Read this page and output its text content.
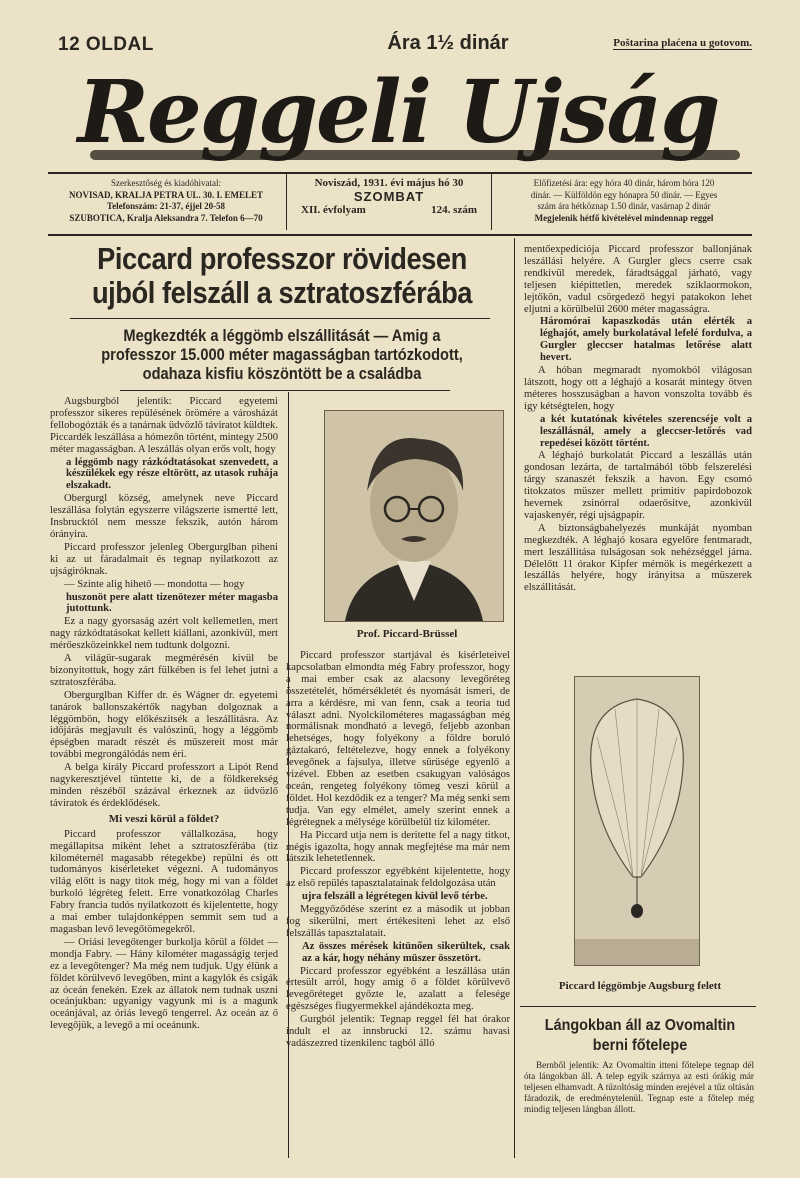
12 OLDAL	Ára 1½ dinár	Poštarina plaćena u gotovom.
Reggeli Ujság
Szerkesztőség és kiadóhivatal:
NOVISAD, KRALJA PETRA UL. 30. I. EMELET
Telefonszám: 21-37, éjjel 20-58
SZUBOTICA, Kralja Aleksandra 7. Telefon 6—70
Noviszád, 1931. évi május hó 30
SZOMBAT
XII. évfolyam	124. szám
Előfizetési ára: egy hóra 40 dinár, három hóra 120
dinár. — Külföldön egy hónapra 50 dinár. — Egyes
szám ára hétköznap 1.50 dinár, vasárnap 2 dinár
Megjelenik hétfő kivételével mindennap reggel
Piccard professzor rövidesen ujból felszáll a sztratoszférába
Megkezdték a léggömb elszállitását — Amig a professzor 15.000 méter magasságban tartózkodott, odahaza kisfiu köszöntött be a családba

Augsburgból jelentik: Piccard egyetemi professzor sikeres repülésének örömére a városházát fellobogózták és a tanárnak üdvözlő táviratot küldtek. Piccardék leszállása a hómezőn történt, mintegy 2500 méter magasságban. A leszállás olyan erős volt, hogy

a léggömb nagy rázkódtatásokat szenvedett, a készülékek egy része eltörött, az utasok ruhája elszakadt.

Obergurgl község, amelynek neve Piccard leszállása folytán egyszerre világszerte ismertté lett, Insbrucktól nem messze fekszik, autón három órányira.

Piccard professzor jelenleg Obergurglban piheni ki az ut fáradalmait és tegnap nyilatkozott az ujságiróknak.

— Szinte alig hihető — mondotta — hogy

huszonöt pere alatt tizenötezer méter magasba jutottunk.

Ez a nagy gyorsaság azért volt kellemetlen, mert nagy rázkódtatásokat kellett kiállani, azonkivül, mert mérőeszközeinkkel nem tudtunk dolgozni.

A világür-sugarak megmérésén kivül be bizonyitottuk, hogy zárt fülkében is fel lehet jutni a sztratoszférába.

Obergurglban Kiffer dr. és Wágner dr. egyetemi tanárok ballonszakértők nagyban dolgoznak a léggömbön, hogy előkészitsék a leszállitásra. Az időjárás megjavult és valószinü, hogy a léggömb épségben maradt részét és műszereit most már további megrongálódás nem éri.

A belga király Piccard professzort a Lipót Rend nagykeresztjével tüntette ki, de a földkerekség minden részéből százával érkeznek az üdvözlő táviratok és érdeklődések.

Mi veszi körül a földet?

Piccard professzor vállalkozása, hogy megállapitsa miként lehet a sztratoszférába (tiz kilométernél magasabb rétegekbe) repülni és ott tudományos kisérleteket végezni. A tudományos világ előtt is nagy titok még, hogy mi van a földet burkoló légréteg felett. Erre vonatkozólag Charles Fabry francia tudós nyilatkozott és kijelentette, hogy a mai ember tulajdonképpen semmit sem tud a magasban levő levegőtömegekről.

— Oriási levegőtenger burkolja körül a földet — mondja Fabry. — Hány kilométer magasságig terjed ez a levegőtenger? Ma még nem tudjuk. Ugy élünk a földet körülvevő levegőben, mint a kagylók és csigák az óceán fenekén. Ezek az állatok nem tudnak uszni oceánjukban: ugyanigy vagyunk mi is a magunk oceánjával, az óriás levegő tengerrel. Az oceán az ő levegőjük, a levegő a mi oceánunk.

Prof. Piccard-Brüssel

Piccard professzor startjával és kisérleteivel kapcsolatban elmondta még Fabry professzor, hogy a mai ember csak az alacsony levegőréteg összetételét, hőmérsékletét és nyomását ismeri, de arra a kérdésre, mi van fenn, csak a teoria tud választ adni. Nyolckilométeres magasságban még normálisnak mondható a levegő, feljebb azonban lehetséges, hogy folyékony a földre boruló gáztakaró, feltételezve, hogy ennek a folyékony levegőnek a fajsulya, illetve sürüsége egyenlő a vizével. Ebben az esetben csakugyan valóságos oceán, rengeteg folyékony tömeg veszi körül a földet. Hol kezdődik ez a tenger? Ma még senki sem tudja. Van egy elmélet, amely szerint ennek a légrétegnek a mélysége körülbelül tiz kilométer.

Ha Piccard utja nem is deritette fel a nagy titkot, mégis igazolta, hogy annak megfejtése ma már nem látszik lehetetlennek.

Piccard professzor egyébként kijelentette, hogy az első repülés tapasztalatainak feldolgozása után

ujra felszáll a légrétegen kivül levő térbe.

Meggyőződése szerint ez a második ut jobban fog sikerülni, mert értékesiteni lehet az első felszállás tapasztalatait.

Az összes mérések kitünően sikerültek, csak az a kár, hogy néhány müszer összetört.

Piccard professzor egyébként a leszállása után értesült arról, hogy amig ő a földet körülvevő levegőréteget győzte le, azalatt a felesége egészséges fiugyermekkel ajándékozta meg.

Gurgból jelentik: Tegnap reggel fél hat órakor indult el az innsbrucki 12. számu havasi vadászezred tizenkilenc tagból álló

mentőexpediciója Piccard professzor ballonjának leszállási helyére. A Gurgler glecs cserre csak rendkivül meredek, fáradtsággal járható, vagy teljesen kiépittetlen, meredek sziklaormokon, lejtőkön, vadul csörgedező hegyi patakokon lehet eljutni a körülbelül 2600 méter magasságra.

Háromórai kapaszkodás után elérték a léghajót, amely burkolatával lefelé fordulva, a Gurgler gleccser hatalmas letőrése alatt hevert.

A hóban megmaradt nyomokból világosan látszott, hogy ott a léghajó a kosarát mintegy ötven méteres hosszuságban a havon vonszolta tovább és így kétségtelen, hogy

a két kutatónak kivételes szerencséje volt a leszállásnál, amely a gleccser-letőrés vad repedései között történt.

A léghajó burkolatát Piccard a leszállás után gondosan lezárta, de tartalmából több felszerelési tárgy szanaszét fekszik a havon. Egy csomó titokzatos müszer mellett primitiv papirdobozok hevernek zsinórral odaerősitve, azonkivül vajaskenyér, régi ujságpapir.

A biztonságbahelyezés munkáját nyomban megkezdték. A léghajó kosara egyelőre fentmaradt, mert leszállitása tulságosan sok nehézséggel járna. Délelőtt 11 órakor Kipfer mérnök is megérkezett a leszállás helyére, hogy irányitsa a müszerek elszállitását.

Piccard léggömbje Augsburg felett
Lángokban áll az Ovomaltin berni főtelepe

Bernből jelentik: Az Ovomaltin itteni főtelepe tegnap dél óta lángokban áll. A telep egyik szárnya az esti órákig már teljesen elhamvadt. A tűzoltóság minden erejével a tűz oltásán fáradozik, de eredménytelenül. Tegnap este a főtelep még mindig teljesen lángban állott.
